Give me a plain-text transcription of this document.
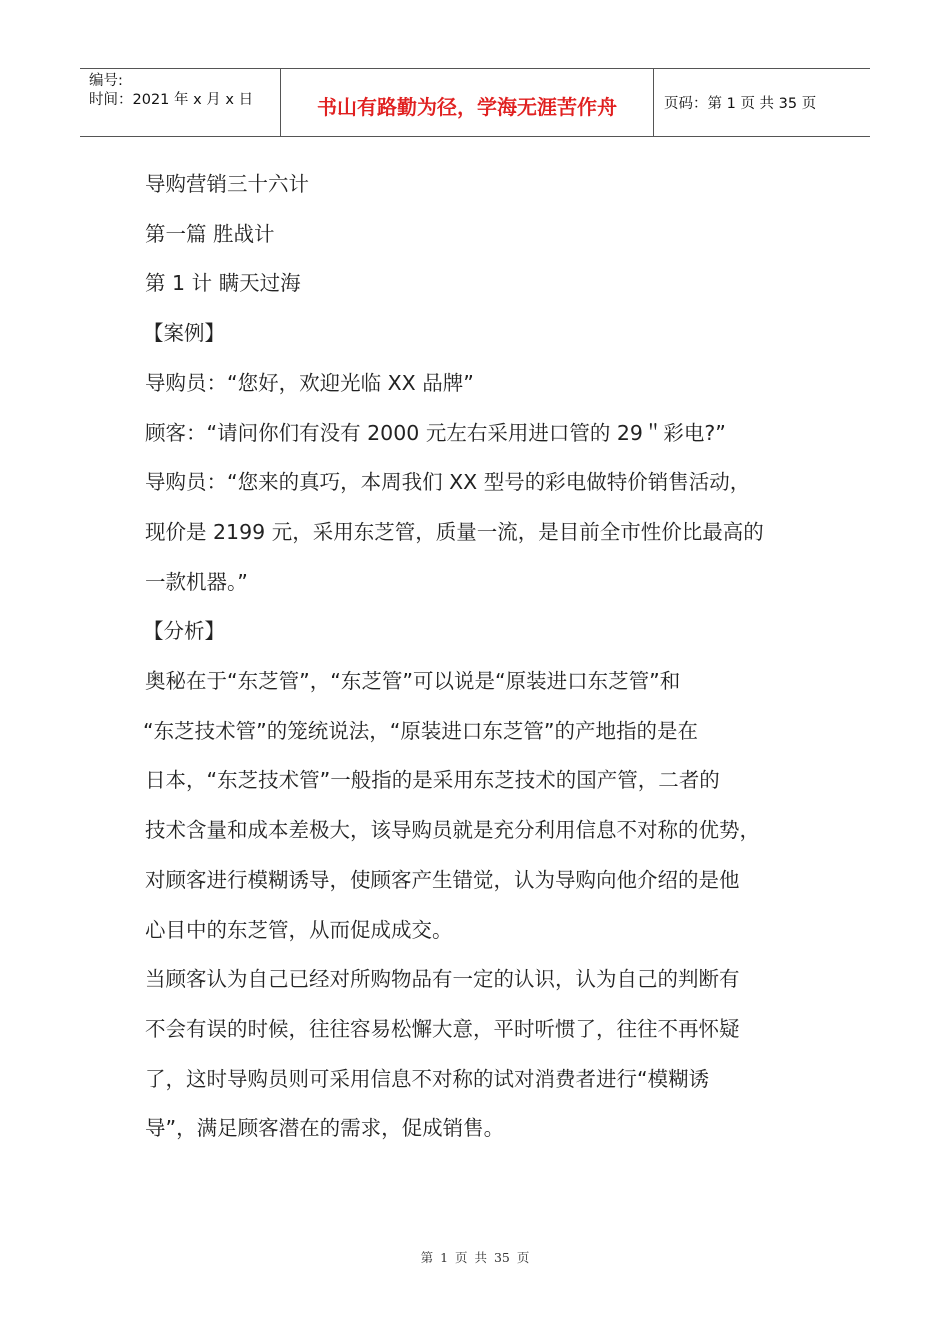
编号:
时间：2021 年 x 月 x 日	书山有路勤为径，学海无涯苦作舟	页码：第 1 页 共 35 页
导购营销三十六计
第一篇 胜战计
第 1 计 瞒天过海
【案例】
导购员：“您好，欢迎光临 XX 品牌”
顾客：“请问你们有没有 2000 元左右采用进口管的 29＂彩电?”
导购员：“您来的真巧，本周我们 XX 型号的彩电做特价销售活动，
现价是 2199 元，采用东芝管，质量一流，是目前全市性价比最高的
一款机器。”
【分析】
奥秘在于“东芝管”，“东芝管”可以说是“原装进口东芝管”和
“东芝技术管”的笼统说法，“原装进口东芝管”的产地指的是在
日本，“东芝技术管”一般指的是采用东芝技术的国产管，二者的
技术含量和成本差极大，该导购员就是充分利用信息不对称的优势，
对顾客进行模糊诱导，使顾客产生错觉，认为导购向他介绍的是他
心目中的东芝管，从而促成成交。
当顾客认为自己已经对所购物品有一定的认识，认为自己的判断有
不会有误的时候，往往容易松懈大意，平时听惯了，往往不再怀疑
了，这时导购员则可采用信息不对称的试对消费者进行“模糊诱
导”，满足顾客潜在的需求，促成销售。
第 1 页 共 35 页
